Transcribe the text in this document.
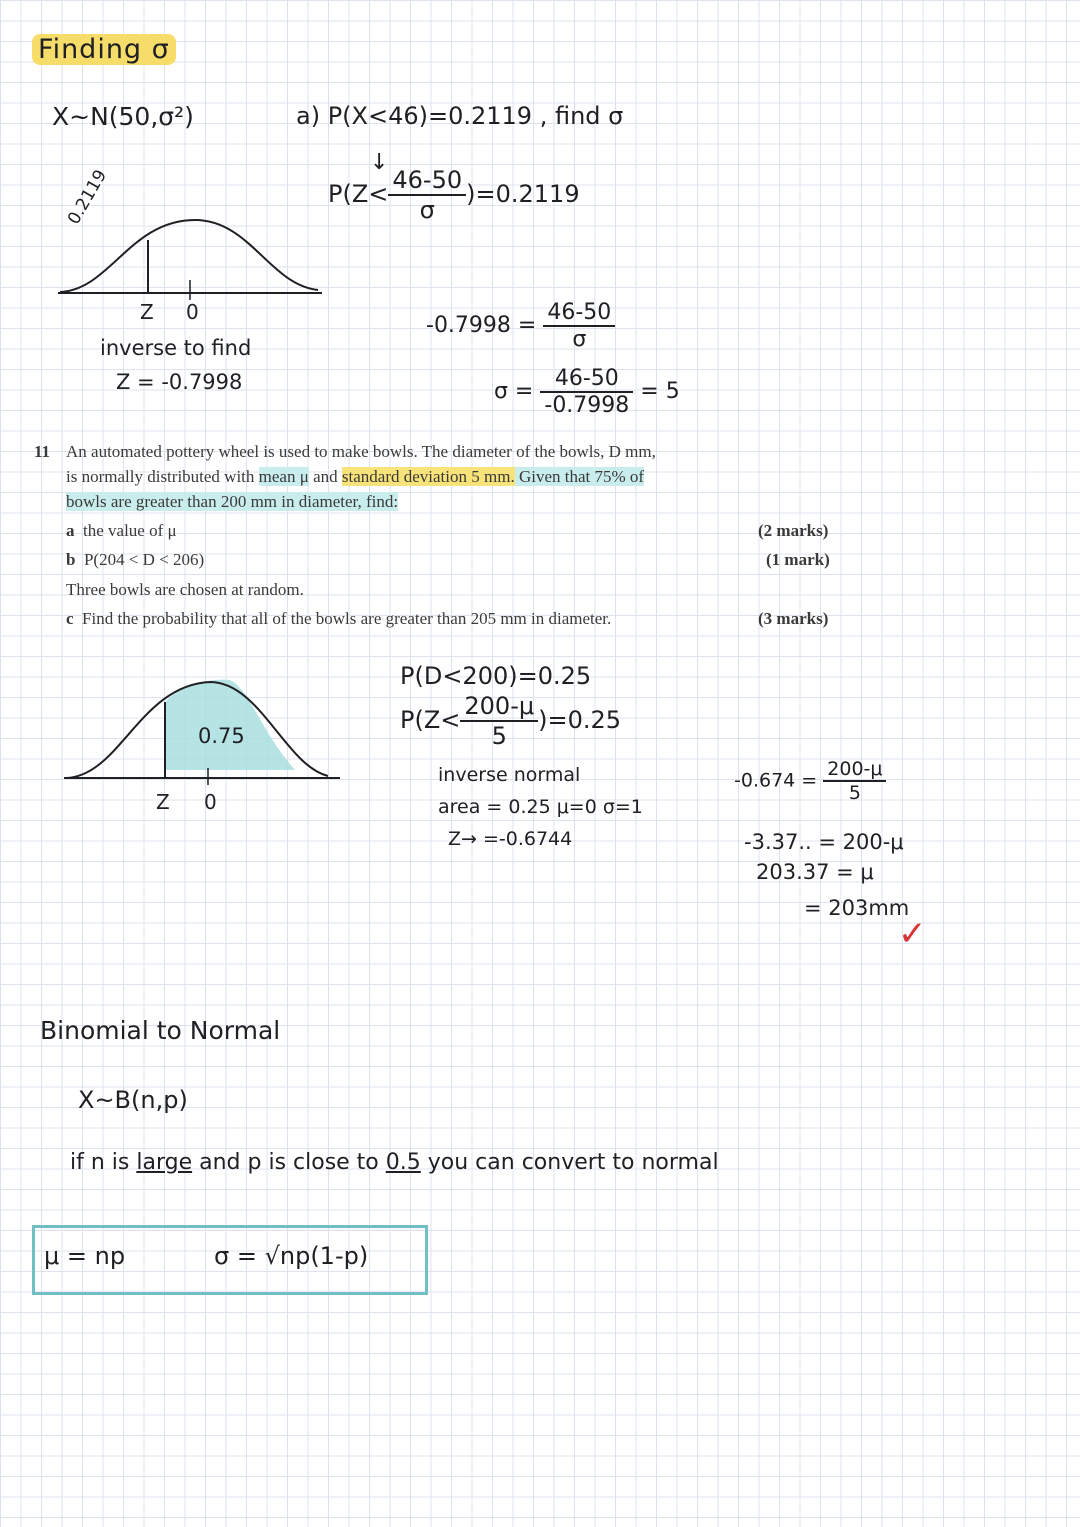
Finding σ
X~N(50,σ²)	a) P(X<46)=0.2119 , find σ
↓
$P(Z< \frac{46-50}{\sigma} )=0.2119$
0.2119
Z 0
inverse to find
Z = -0.7998
$-0.7998 = \frac{46-50}{\sigma}$
$\sigma = \frac{46-50}{-0.7998} = 5$
11 An automated pottery wheel is used to make bowls. The diameter of the bowls, D mm,
is normally distributed with mean μ and standard deviation 5 mm. Given that 75% of
bowls are greater than 200 mm in diameter, find:
a the value of μ	(2 marks)
b P(204 < D < 206)	(1 mark)
Three bowls are chosen at random.
c Find the probability that all of the bowls are greater than 205 mm in diameter.	(3 marks)
0.75
Z 0
P(D<200)=0.25
$P(Z< \frac{200-\mu}{5} )=0.25$
inverse normal
area = 0.25 μ=0 σ=1
Z→ =-0.6744
$-0.674 = \frac{200-\mu}{5}$
-3.37.. = 200-μ
203.37 = μ
= 203mm
✓
Binomial to Normal
X~B(n,p)
if n is large and p is close to 0.5 you can convert to normal
μ = np	σ = √np(1-p)
